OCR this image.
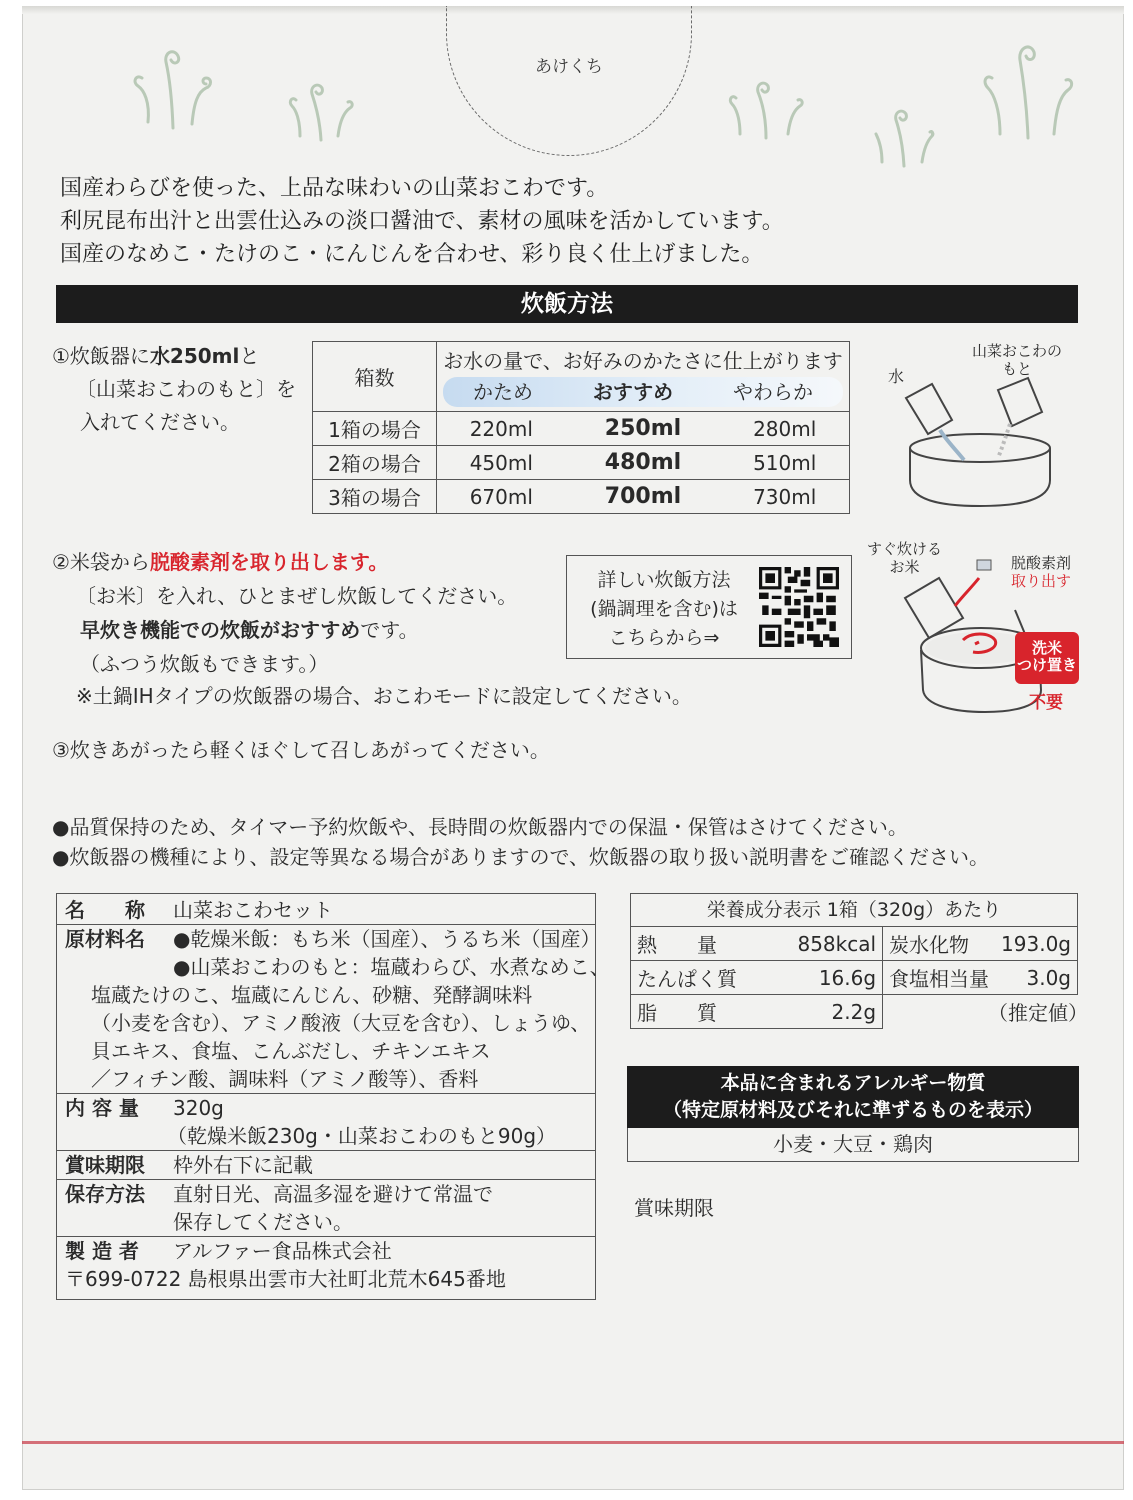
あけくち
国産わらびを使った、上品な味わいの山菜おこわです。
利尻昆布出汁と出雲仕込みの淡口醤油で、素材の風味を活かしています。
国産のなめこ・たけのこ・にんじんを合わせ、彩り良く仕上げました。
炊飯方法
①炊飯器に水250mlと
〔山菜おこわのもと〕を
入れてください。
箱数	お水の量で、お好みのかたさに仕上がります
かため おすすめ やわらか		

1箱の場合	220ml	250ml	280ml
2箱の場合	450ml	480ml	510ml
3箱の場合	670ml	700ml	730ml
水
山菜おこわの
もと
②米袋から脱酸素剤を取り出します。
〔お米〕を入れ、ひとまぜし炊飯してください。
早炊き機能での炊飯がおすすめです。
（ふつう炊飯もできます。）
詳しい炊飯方法
(鍋調理を含む)は
こちらから⇒
すぐ炊ける
お米	脱酸素剤
取り出す
洗米
つけ置き
不要
※土鍋IHタイプの炊飯器の場合、おこわモードに設定してください。
③炊きあがったら軽くほぐして召しあがってください。
●品質保持のため、タイマー予約炊飯や、長時間の炊飯器内での保温・保管はさけてください。
●炊飯器の機種により、設定等異なる場合がありますので、炊飯器の取り扱い説明書をご確認ください。
名　　称	山菜おこわセット
原材料名	●乾燥米飯：もち米（国産）、うるち米（国産）
●山菜おこわのもと：塩蔵わらび、水煮なめこ、
塩蔵たけのこ、塩蔵にんじん、砂糖、発酵調味料
（小麦を含む）、アミノ酸液（大豆を含む）、しょうゆ、
貝エキス、食塩、こんぶだし、チキンエキス
／フィチン酸、調味料（アミノ酸等）、香料
内 容 量	320g
（乾燥米飯230g・山菜おこわのもと90g）
賞味期限	枠外右下に記載
保存方法	直射日光、高温多湿を避けて常温で
保存してください。
製 造 者	アルファー食品株式会社
〒699-0722 島根県出雲市大社町北荒木645番地
栄養成分表示 1箱（320g）あたり
熱　　量	858kcal	炭水化物	193.0g
たんぱく質	16.6g	食塩相当量	3.0g
脂　　質	2.2g			（推定値）
本品に含まれるアレルギー物質
（特定原材料及びそれに準ずるものを表示）
小麦・大豆・鶏肉
賞味期限
